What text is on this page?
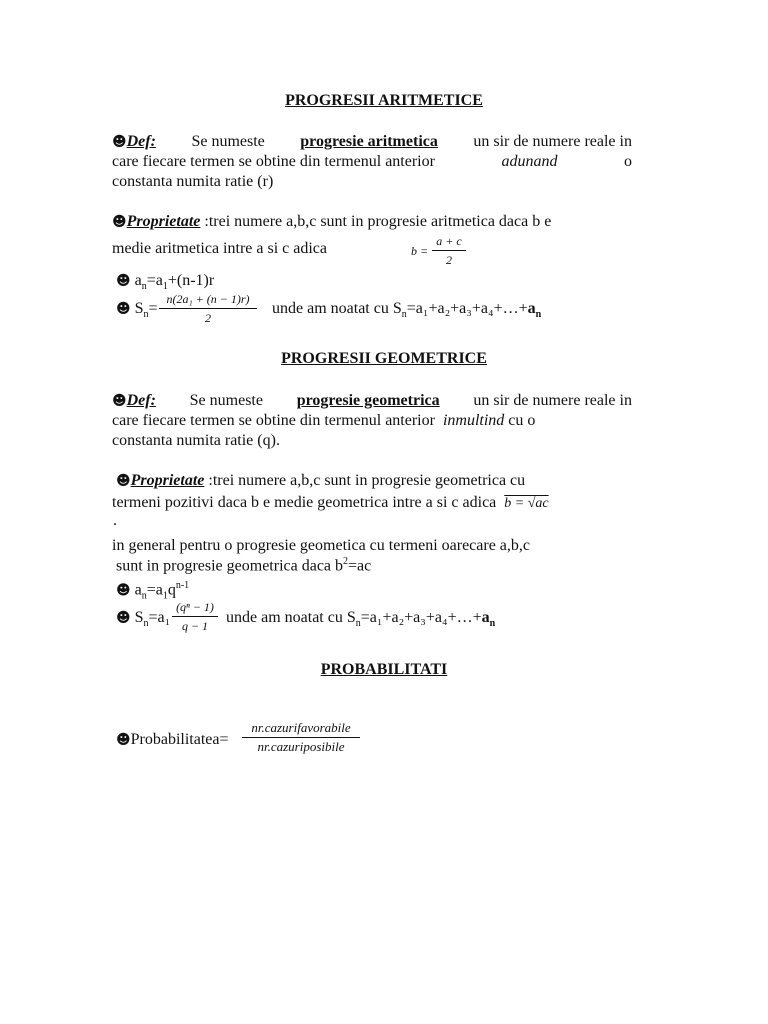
PROGRESII ARITMETICE
☻Def: Se numeste progresie aritmetica un sir de numere reale in
care fiecare termen se obtine din termenul anterior	adunand	o
constanta numita ratie (r)
☻ Proprietate
:trei numere a,b,c sunt in progresie aritmetica daca b e
medie aritmetica intre a si c adica	b =
a + c
2
☻ $a_n=a_1+(n-1)r$
☻ $S_n=$
n(2a₁ + (n − 1)r)
2
unde am noatat cu $S_n=a_1+a_2+a_3+a_4+\dots+a_n$
PROGRESII GEOMETRICE
☻Def: Se numeste progresie geometrica un sir de numere reale in
care fiecare termen se obtine din termenul anterior inmultind cu o
constanta numita ratie (q).
☻Proprietate :trei numere a,b,c sunt in progresie geometrica cu
termeni pozitivi daca b e medie geometrica intre a si c adica b = √ac
.
in general pentru o progresie geometica cu termeni oarecare a,b,c
sunt in progresie geometrica daca $b^2=ac$
☻ $a_n=a_1q^{n-1}$
☻ $S_n=a_1$
(qⁿ − 1)
q − 1	unde am noatat cu $S_n=a_1+a_2+a_3+a_4+\dots+a_n$
PROBABILITATI
☻Probabilitatea=
nr.cazurifavorabile
nr.cazuriposibile
